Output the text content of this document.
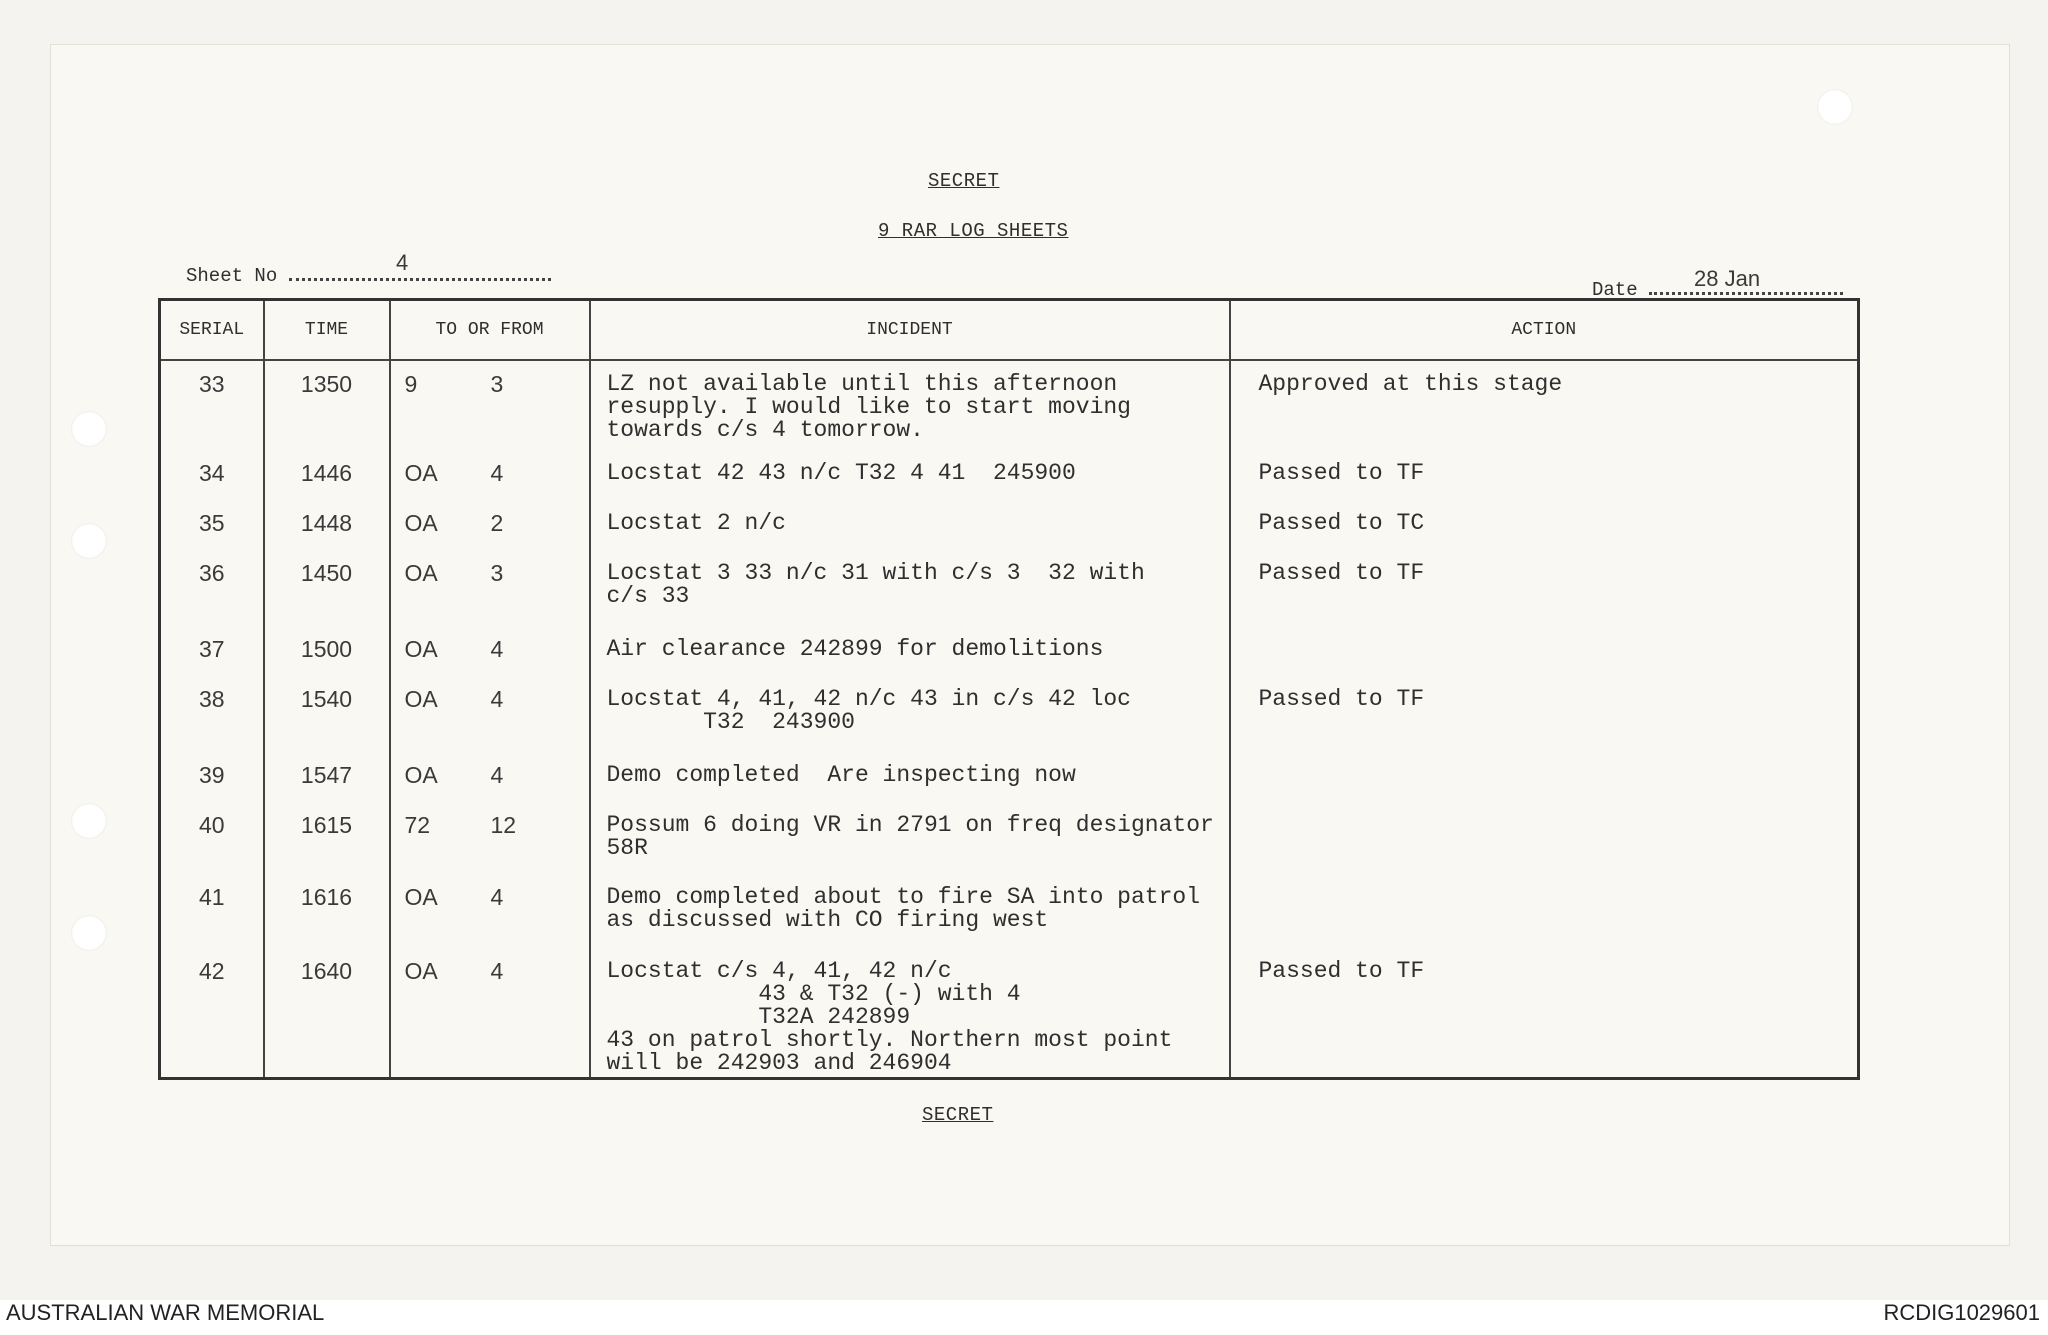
SECRET
9 RAR LOG SHEETS
Sheet No
4
Date	28 Jan
SERIAL	TIME	TO OR FROM	INCIDENT	ACTION
33	1350	9 3	LZ not available until this afternoon
resupply. I would like to start moving
towards c/s 4 tomorrow.	Approved at this stage
34	1446	OA 4	Locstat 42 43 n/c T32 4 41  245900	Passed to TF
35	1448	OA 2	Locstat 2 n/c	Passed to TC
36	1450	OA 3	Locstat 3 33 n/c 31 with c/s 3  32 with
c/s 33	Passed to TF
37	1500	OA 4	Air clearance 242899 for demolitions	
38	1540	OA 4	Locstat 4, 41, 42 n/c 43 in c/s 42 loc
T32  243900	Passed to TF
39	1547	OA 4	Demo completed  Are inspecting now	
40	1615	72 12	Possum 6 doing VR in 2791 on freq designator
58R	
41	1616	OA 4	Demo completed about to fire SA into patrol
as discussed with CO firing west	
42	1640	OA 4	Locstat c/s 4, 41, 42 n/c
43 & T32 (-) with 4
T32A 242899
43 on patrol shortly. Northern most point
will be 242903 and 246904	Passed to TF
SECRET
AUSTRALIAN WAR MEMORIAL	RCDIG1029601
